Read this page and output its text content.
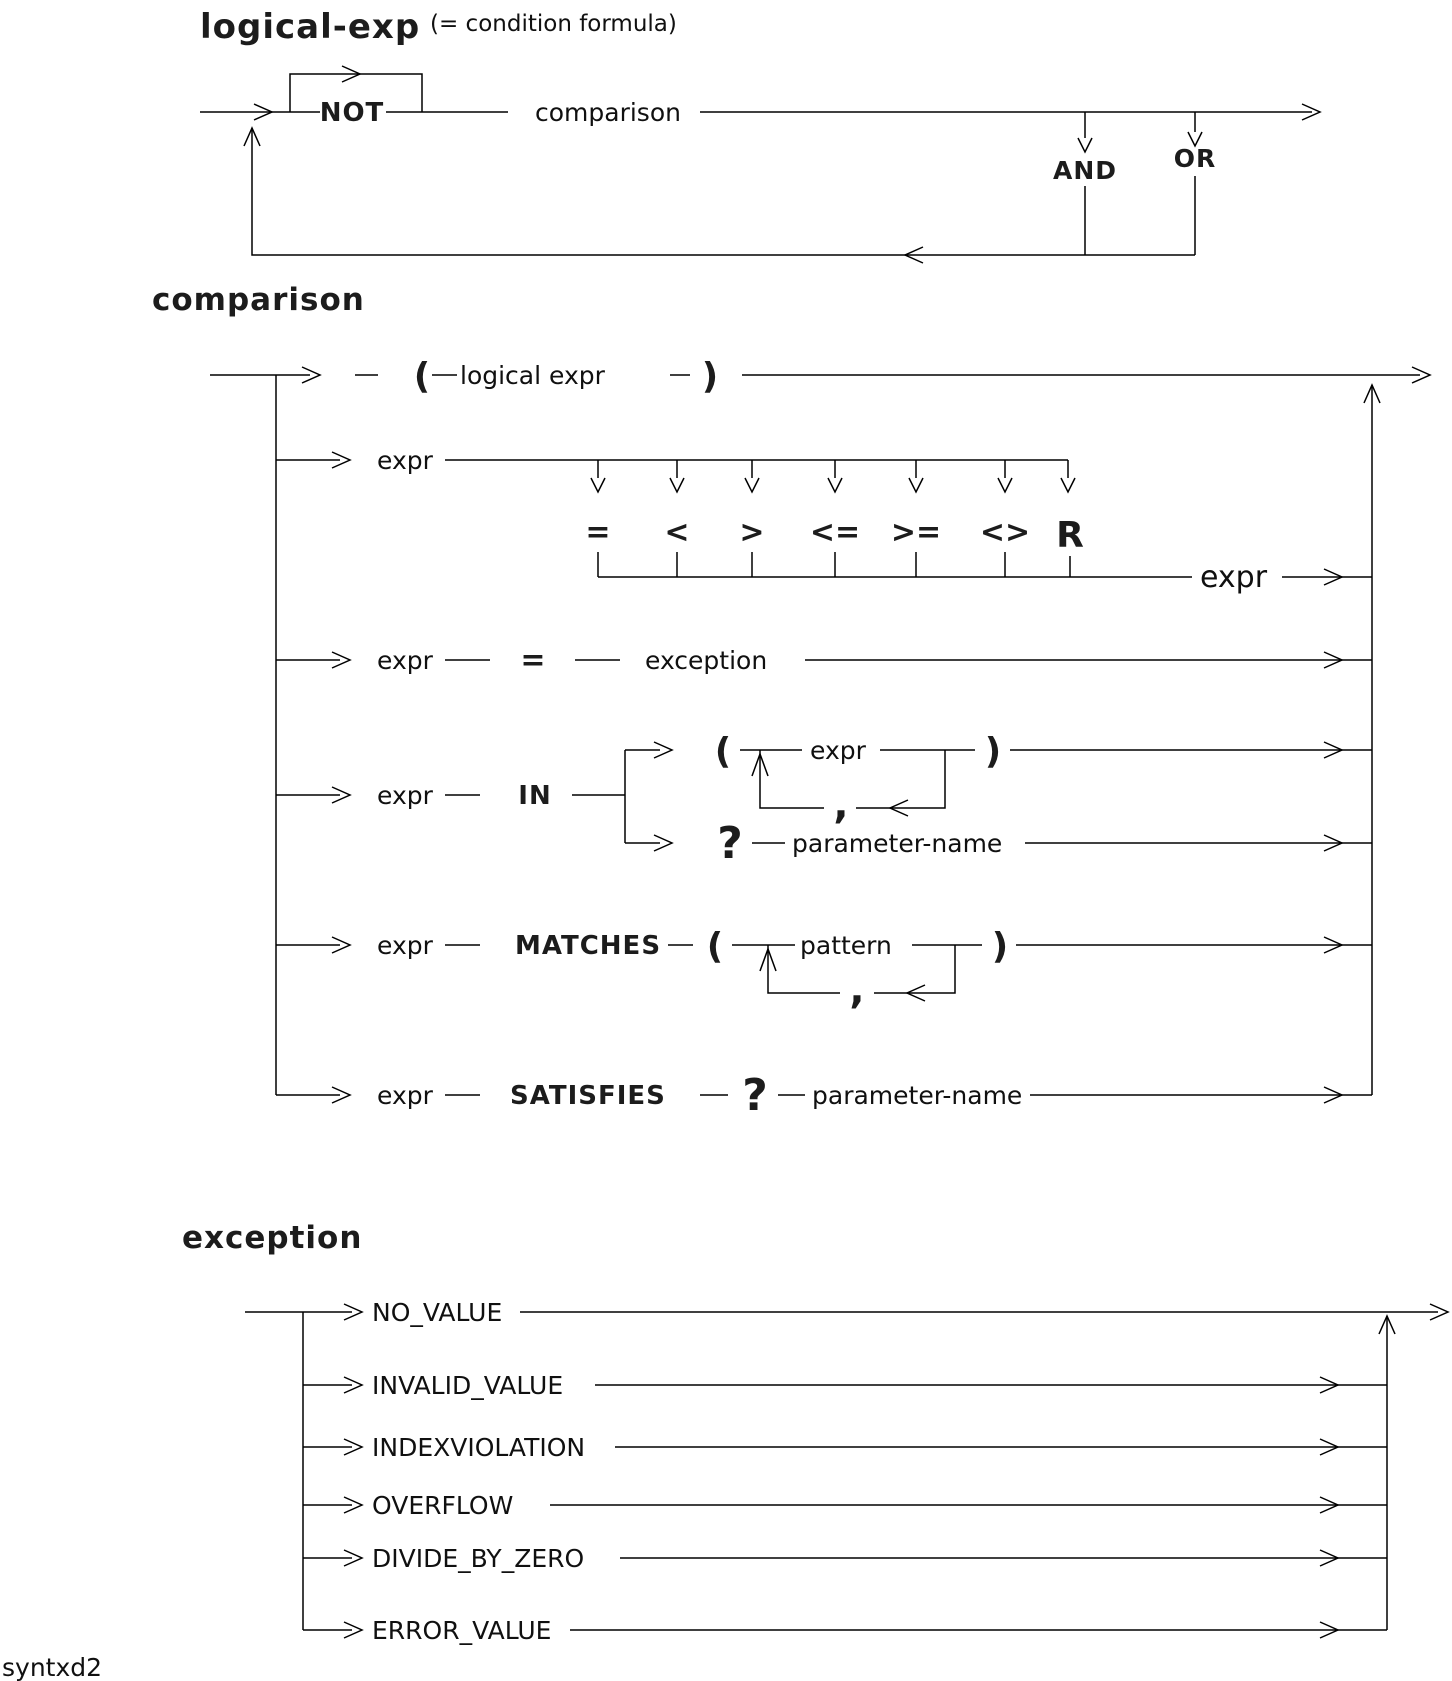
logical-exp (= condition formula)
NOT	comparison
AND OR
comparison
( logical expr	)
expr
= < > <= >= <> R
expr
expr	=	exception
expr	IN
(	expr	)
,
? parameter-name
expr	MATCHES (	pattern	)
,
expr	SATISFIES ? parameter-name
exception
NO_VALUE
INVALID_VALUE
INDEXVIOLATION
OVERFLOW
DIVIDE_BY_ZERO
ERROR_VALUE
syntxd2
